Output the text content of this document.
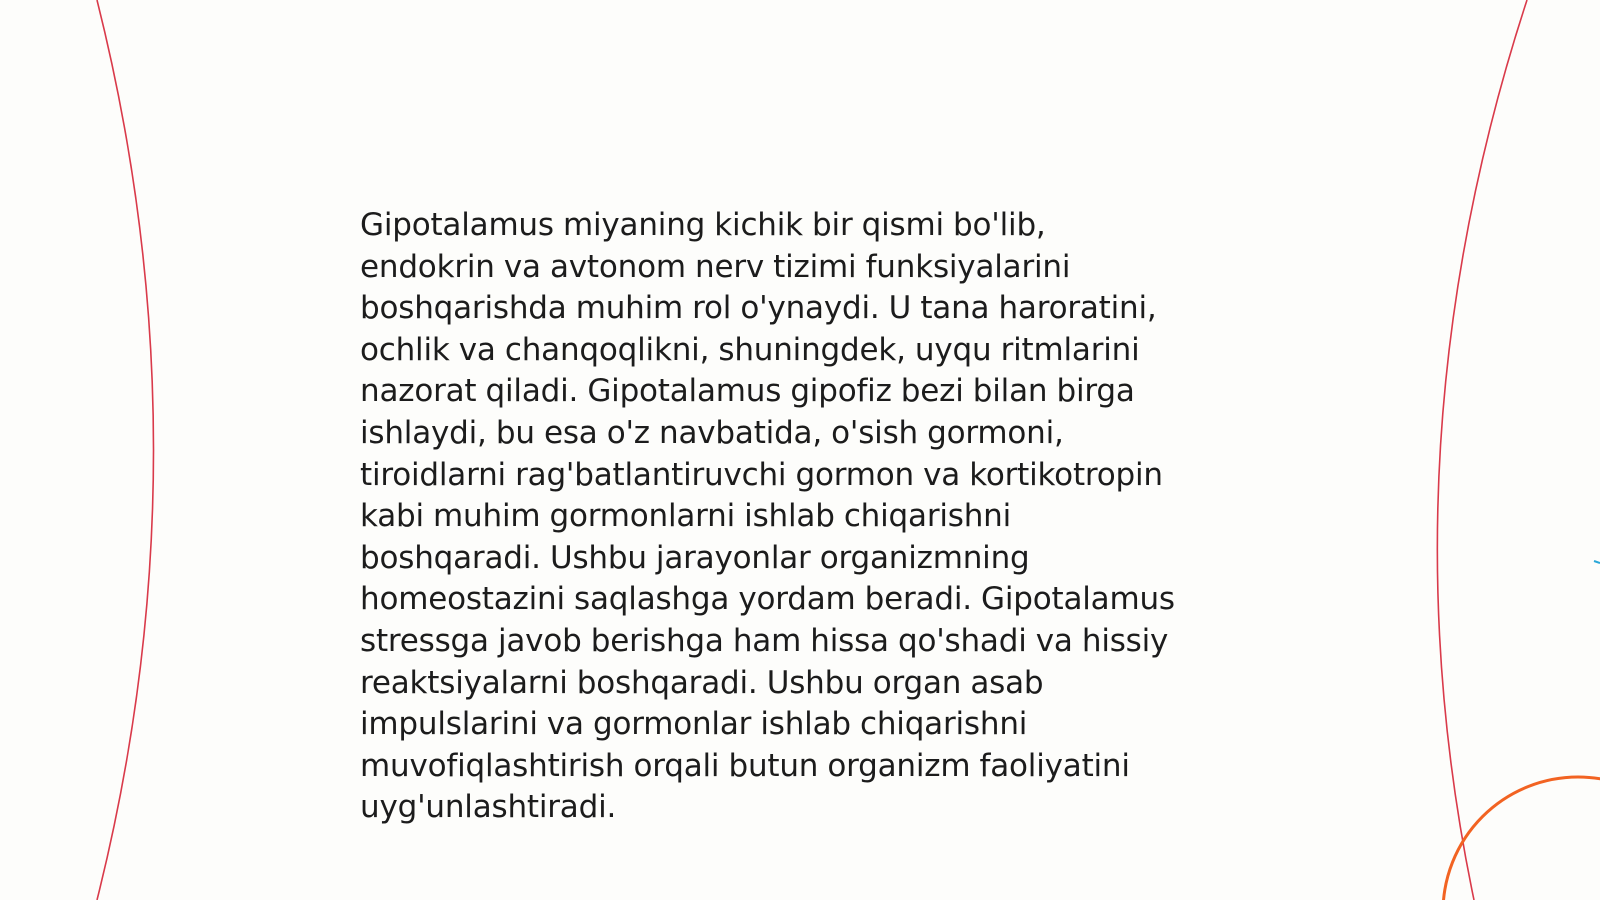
Gipotalamus miyaning kichik bir qismi bo'lib,
endokrin va avtonom nerv tizimi funksiyalarini
boshqarishda muhim rol o'ynaydi. U tana haroratini,
ochlik va chanqoqlikni, shuningdek, uyqu ritmlarini
nazorat qiladi. Gipotalamus gipofiz bezi bilan birga
ishlaydi, bu esa o'z navbatida, o'sish gormoni,
tiroidlarni rag'batlantiruvchi gormon va kortikotropin
kabi muhim gormonlarni ishlab chiqarishni
boshqaradi. Ushbu jarayonlar organizmning
homeostazini saqlashga yordam beradi. Gipotalamus
stressga javob berishga ham hissa qo'shadi va hissiy
reaktsiyalarni boshqaradi. Ushbu organ asab
impulslarini va gormonlar ishlab chiqarishni
muvofiqlashtirish orqali butun organizm faoliyatini
uyg'unlashtiradi.
